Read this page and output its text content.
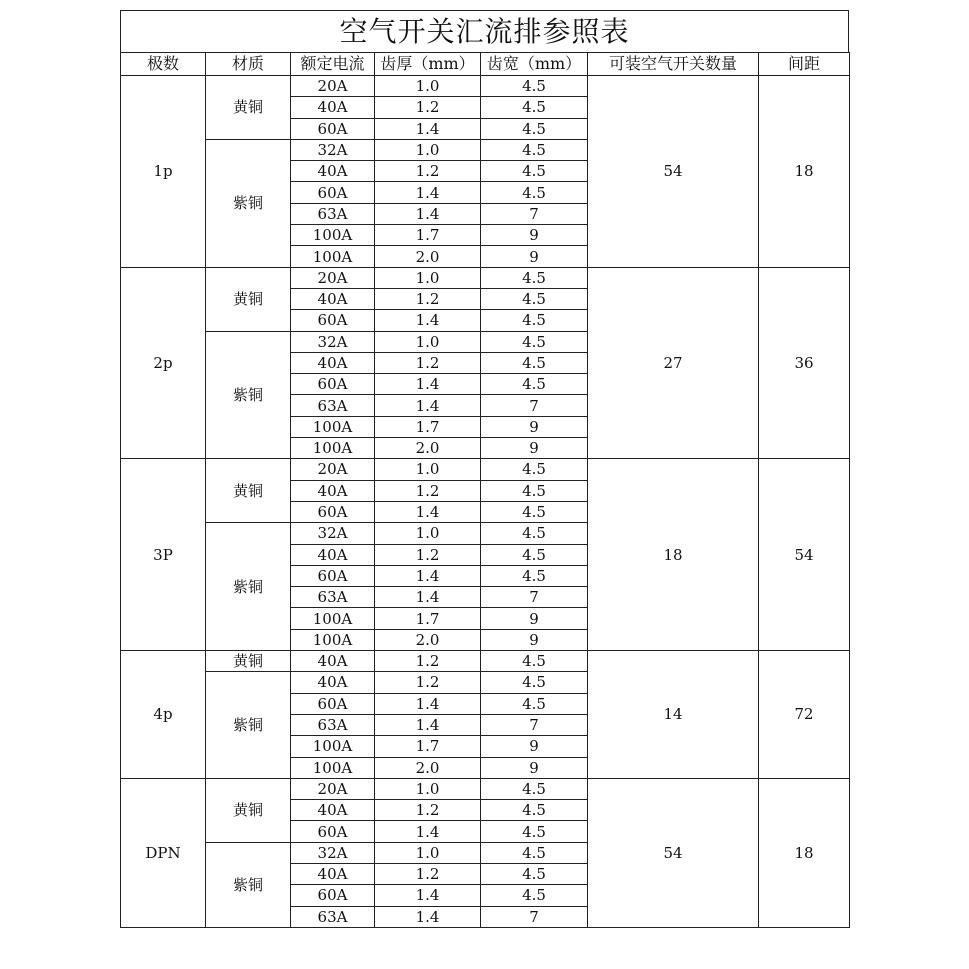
空气开关汇流排参照表
极数	材质	额定电流	齿厚（mm）	齿宽（mm）	可装空气开关数量	间距
1p	黄铜	20A	1.0	4.5	54	18
		40A	1.2	4.5		
		60A	1.4	4.5		
	紫铜	32A	1.0	4.5		
		40A	1.2	4.5		
		60A	1.4	4.5		
		63A	1.4	7		
		100A	1.7	9		
		100A	2.0	9		
2p	黄铜	20A	1.0	4.5	27	36
		40A	1.2	4.5		
		60A	1.4	4.5		
	紫铜	32A	1.0	4.5		
		40A	1.2	4.5		
		60A	1.4	4.5		
		63A	1.4	7		
		100A	1.7	9		
		100A	2.0	9		
3P	黄铜	20A	1.0	4.5	18	54
		40A	1.2	4.5		
		60A	1.4	4.5		
	紫铜	32A	1.0	4.5		
		40A	1.2	4.5		
		60A	1.4	4.5		
		63A	1.4	7		
		100A	1.7	9		
		100A	2.0	9		
4p	黄铜	40A	1.2	4.5	14	72
	紫铜	40A	1.2	4.5		
		60A	1.4	4.5		
		63A	1.4	7		
		100A	1.7	9		
		100A	2.0	9		
DPN	黄铜	20A	1.0	4.5	54	18
		40A	1.2	4.5		
		60A	1.4	4.5		
	紫铜	32A	1.0	4.5		
		40A	1.2	4.5		
		60A	1.4	4.5		
		63A	1.4	7		
